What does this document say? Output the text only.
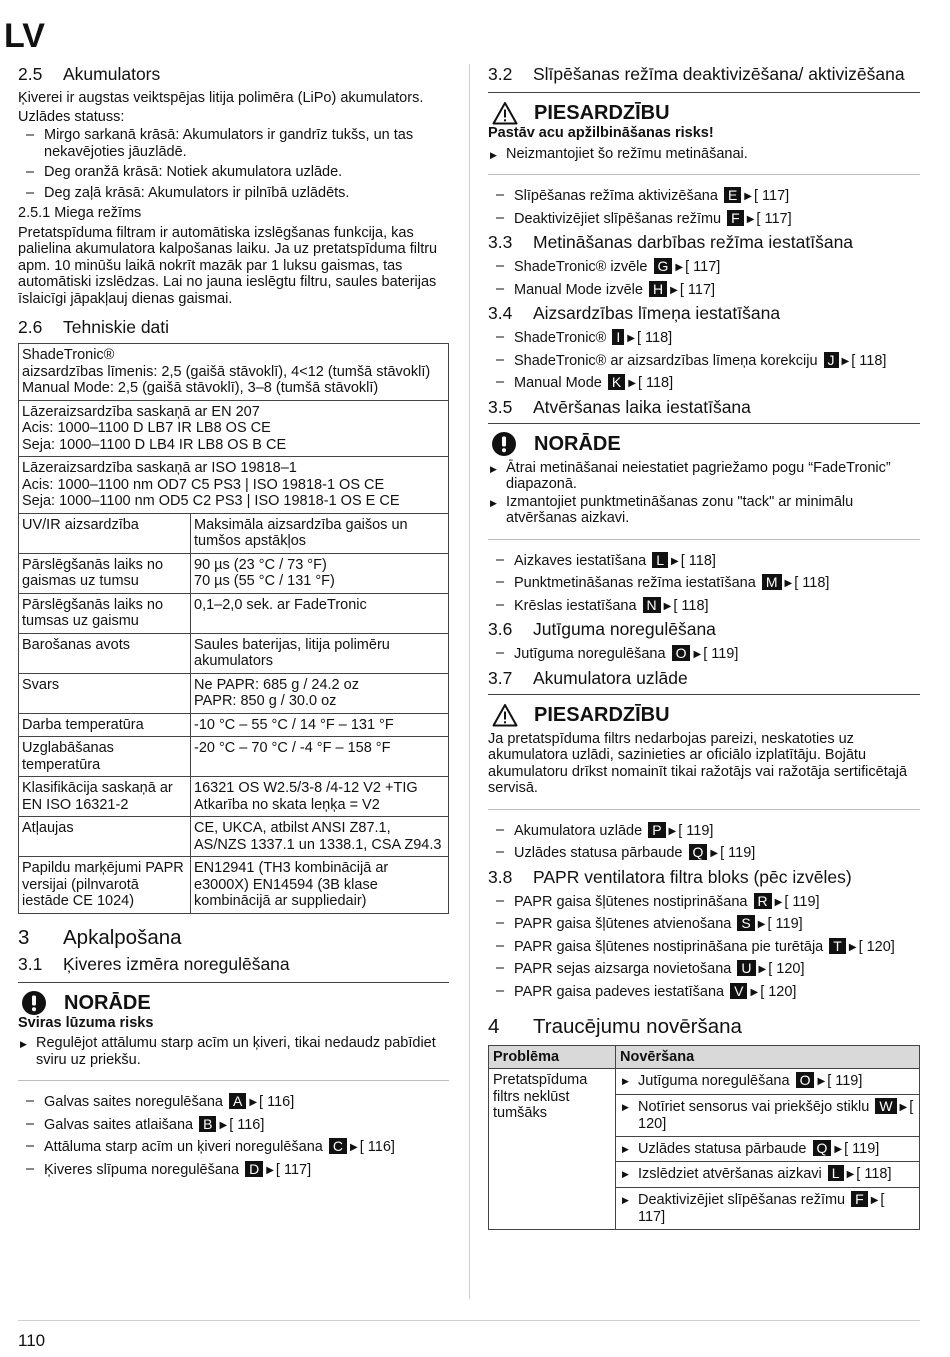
LV
2.5	Akumulators

Ķiverei ir augstas veiktspējas litija polimēra (LiPo) akumulators.

Uzlādes statuss:

– Mirgo sarkanā krāsā: Akumulators ir gandrīz tukšs, un tas nekavējoties jāuzlādē.
– Deg oranžā krāsā: Notiek akumulatora uzlāde.
– Deg zaļā krāsā: Akumulators ir pilnībā uzlādēts.
2.5.1 Miega režīms

Pretatspīduma filtram ir automātiska izslēgšanas funkcija, kas palielina akumulatora kalpošanas laiku. Ja uz pretatspīduma filtru apm. 10 minūšu laikā nokrīt mazāk par 1 luksu gaismas, tas automātiski izslēdzas. Lai no jauna ieslēgtu filtru, saules baterijas īslaicīgi jāpakļauj dienas gaismai.

2.6	Tehniskie dati
ShadeTronic®
aizsardzības līmenis: 2,5 (gaišā stāvoklī), 4<12 (tumšā stāvoklī)
Manual Mode: 2,5 (gaišā stāvoklī), 3–8 (tumšā stāvoklī)	

Lāzeraizsardzība saskaņā ar EN 207
Acis: 1000–1100 D LB7 IR LB8 OS CE
Seja: 1000–1100 D LB4 IR LB8 OS B CE	

Lāzeraizsardzība saskaņā ar ISO 19818–1
Acis: 1000–1100 nm OD7 C5 PS3 | ISO 19818-1 OS CE
Seja: 1000–1100 nm OD5 C2 PS3 | ISO 19818-1 OS E CE	

UV/IR aizsardzība	Maksimāla aizsardzība gaišos un tumšos apstākļos
Pārslēgšanās laiks no gaismas uz tumsu	90 µs (23 °C / 73 °F)
70 µs (55 °C / 131 °F)

Pārslēgšanās laiks no tumsas uz gaismu	0,1–2,0 sek. ar FadeTronic
Barošanas avots	Saules baterijas, litija polimēru akumulators
Svars	Ne PAPR: 685 g / 24.2 oz
PAPR: 850 g / 30.0 oz

Darba temperatūra	-10 °C – 55 °C / 14 °F – 131 °F
Uzglabāšanas temperatūra	-20 °C – 70 °C / -4 °F – 158 °F
Klasifikācija saskaņā ar EN ISO 16321-2	16321 OS W2.5/3-8 /4-12 V2 +TIG
Atkarība no skata leņķa = V2

Atļaujas	CE, UKCA, atbilst ANSI Z87.1, AS/NZS 1337.1 un 1338.1, CSA Z94.3
Papildu marķējumi PAPR versijai (pilnvarotā iestāde CE 1024)	EN12941 (TH3 kombinācijā ar e3000X) EN14594 (3B klase kombinācijā ar suppliedair)
3	Apkalpošana
3.1	Ķiveres izmēra noregulēšana
NORĀDE
Sviras lūzuma risks
▶ Regulējot attālumu starp acīm un ķiveri, tikai nedaudz pabīdiet sviru uz priekšu.
– Galvas saites noregulēšana A ▶ [ 116]
– Galvas saites atlaišana B ▶ [ 116]
– Attāluma starp acīm un ķiveri noregulēšana C ▶ [ 116]
– Ķiveres slīpuma noregulēšana D ▶ [ 117]
3.2	Slīpēšanas režīma deaktivizēšana/ aktivizēšana
PIESARDZĪBU
Pastāv acu apžilbināšanas risks!
▶ Neizmantojiet šo režīmu metināšanai.
– Slīpēšanas režīma aktivizēšana E ▶ [ 117]
– Deaktivizējiet slīpēšanas režīmu F ▶ [ 117]
3.3	Metināšanas darbības režīma iestatīšana
– ShadeTronic® izvēle G ▶ [ 117]
– Manual Mode izvēle H ▶ [ 117]
3.4	Aizsardzības līmeņa iestatīšana
– ShadeTronic® I ▶ [ 118]
– ShadeTronic® ar aizsardzības līmeņa korekciju J ▶ [ 118]
– Manual Mode K ▶ [ 118]
3.5	Atvēršanas laika iestatīšana
NORĀDE
▶ Ātrai metināšanai neiestatiet pagriežamo pogu “FadeTronic” diapazonā.
▶ Izmantojiet punktmetināšanas zonu "tack" ar minimālu atvēršanas aizkavi.
– Aizkaves iestatīšana L ▶ [ 118]
– Punktmetināšanas režīma iestatīšana M ▶ [ 118]
– Krēslas iestatīšana N ▶ [ 118]
3.6	Jutīguma noregulēšana
– Jutīguma noregulēšana O ▶ [ 119]
3.7	Akumulatora uzlāde
PIESARDZĪBU
Ja pretatspīduma filtrs nedarbojas pareizi, neskatoties uz akumulatora uzlādi, sazinieties ar oficiālo izplatītāju. Bojātu akumulatoru drīkst nomainīt tikai ražotājs vai ražotāja sertificētajā servisā.
– Akumulatora uzlāde P ▶ [ 119]
– Uzlādes statusa pārbaude Q ▶ [ 119]
3.8	PAPR ventilatora filtra bloks (pēc izvēles)
– PAPR gaisa šļūtenes nostiprināšana R ▶ [ 119]
– PAPR gaisa šļūtenes atvienošana S ▶ [ 119]
– PAPR gaisa šļūtenes nostiprināšana pie turētāja T ▶ [ 120]
– PAPR sejas aizsarga novietošana U ▶ [ 120]
– PAPR gaisa padeves iestatīšana V ▶ [ 120]
4	Traucējumu novēršana
Problēma	Novēršana
Pretatspīduma filtrs neklūst tumšāks	▶ Jutīguma noregulēšana O ▶ [ 119]

	▶ Notīriet sensorus vai priekšējo stiklu W ▶ [ 120]

	▶ Uzlādes statusa pārbaude Q ▶ [ 119]

	▶ Izslēdziet atvēršanas aizkavi L ▶ [ 118]

	▶ Deaktivizējiet slīpēšanas režīmu F ▶ [ 117]
110
